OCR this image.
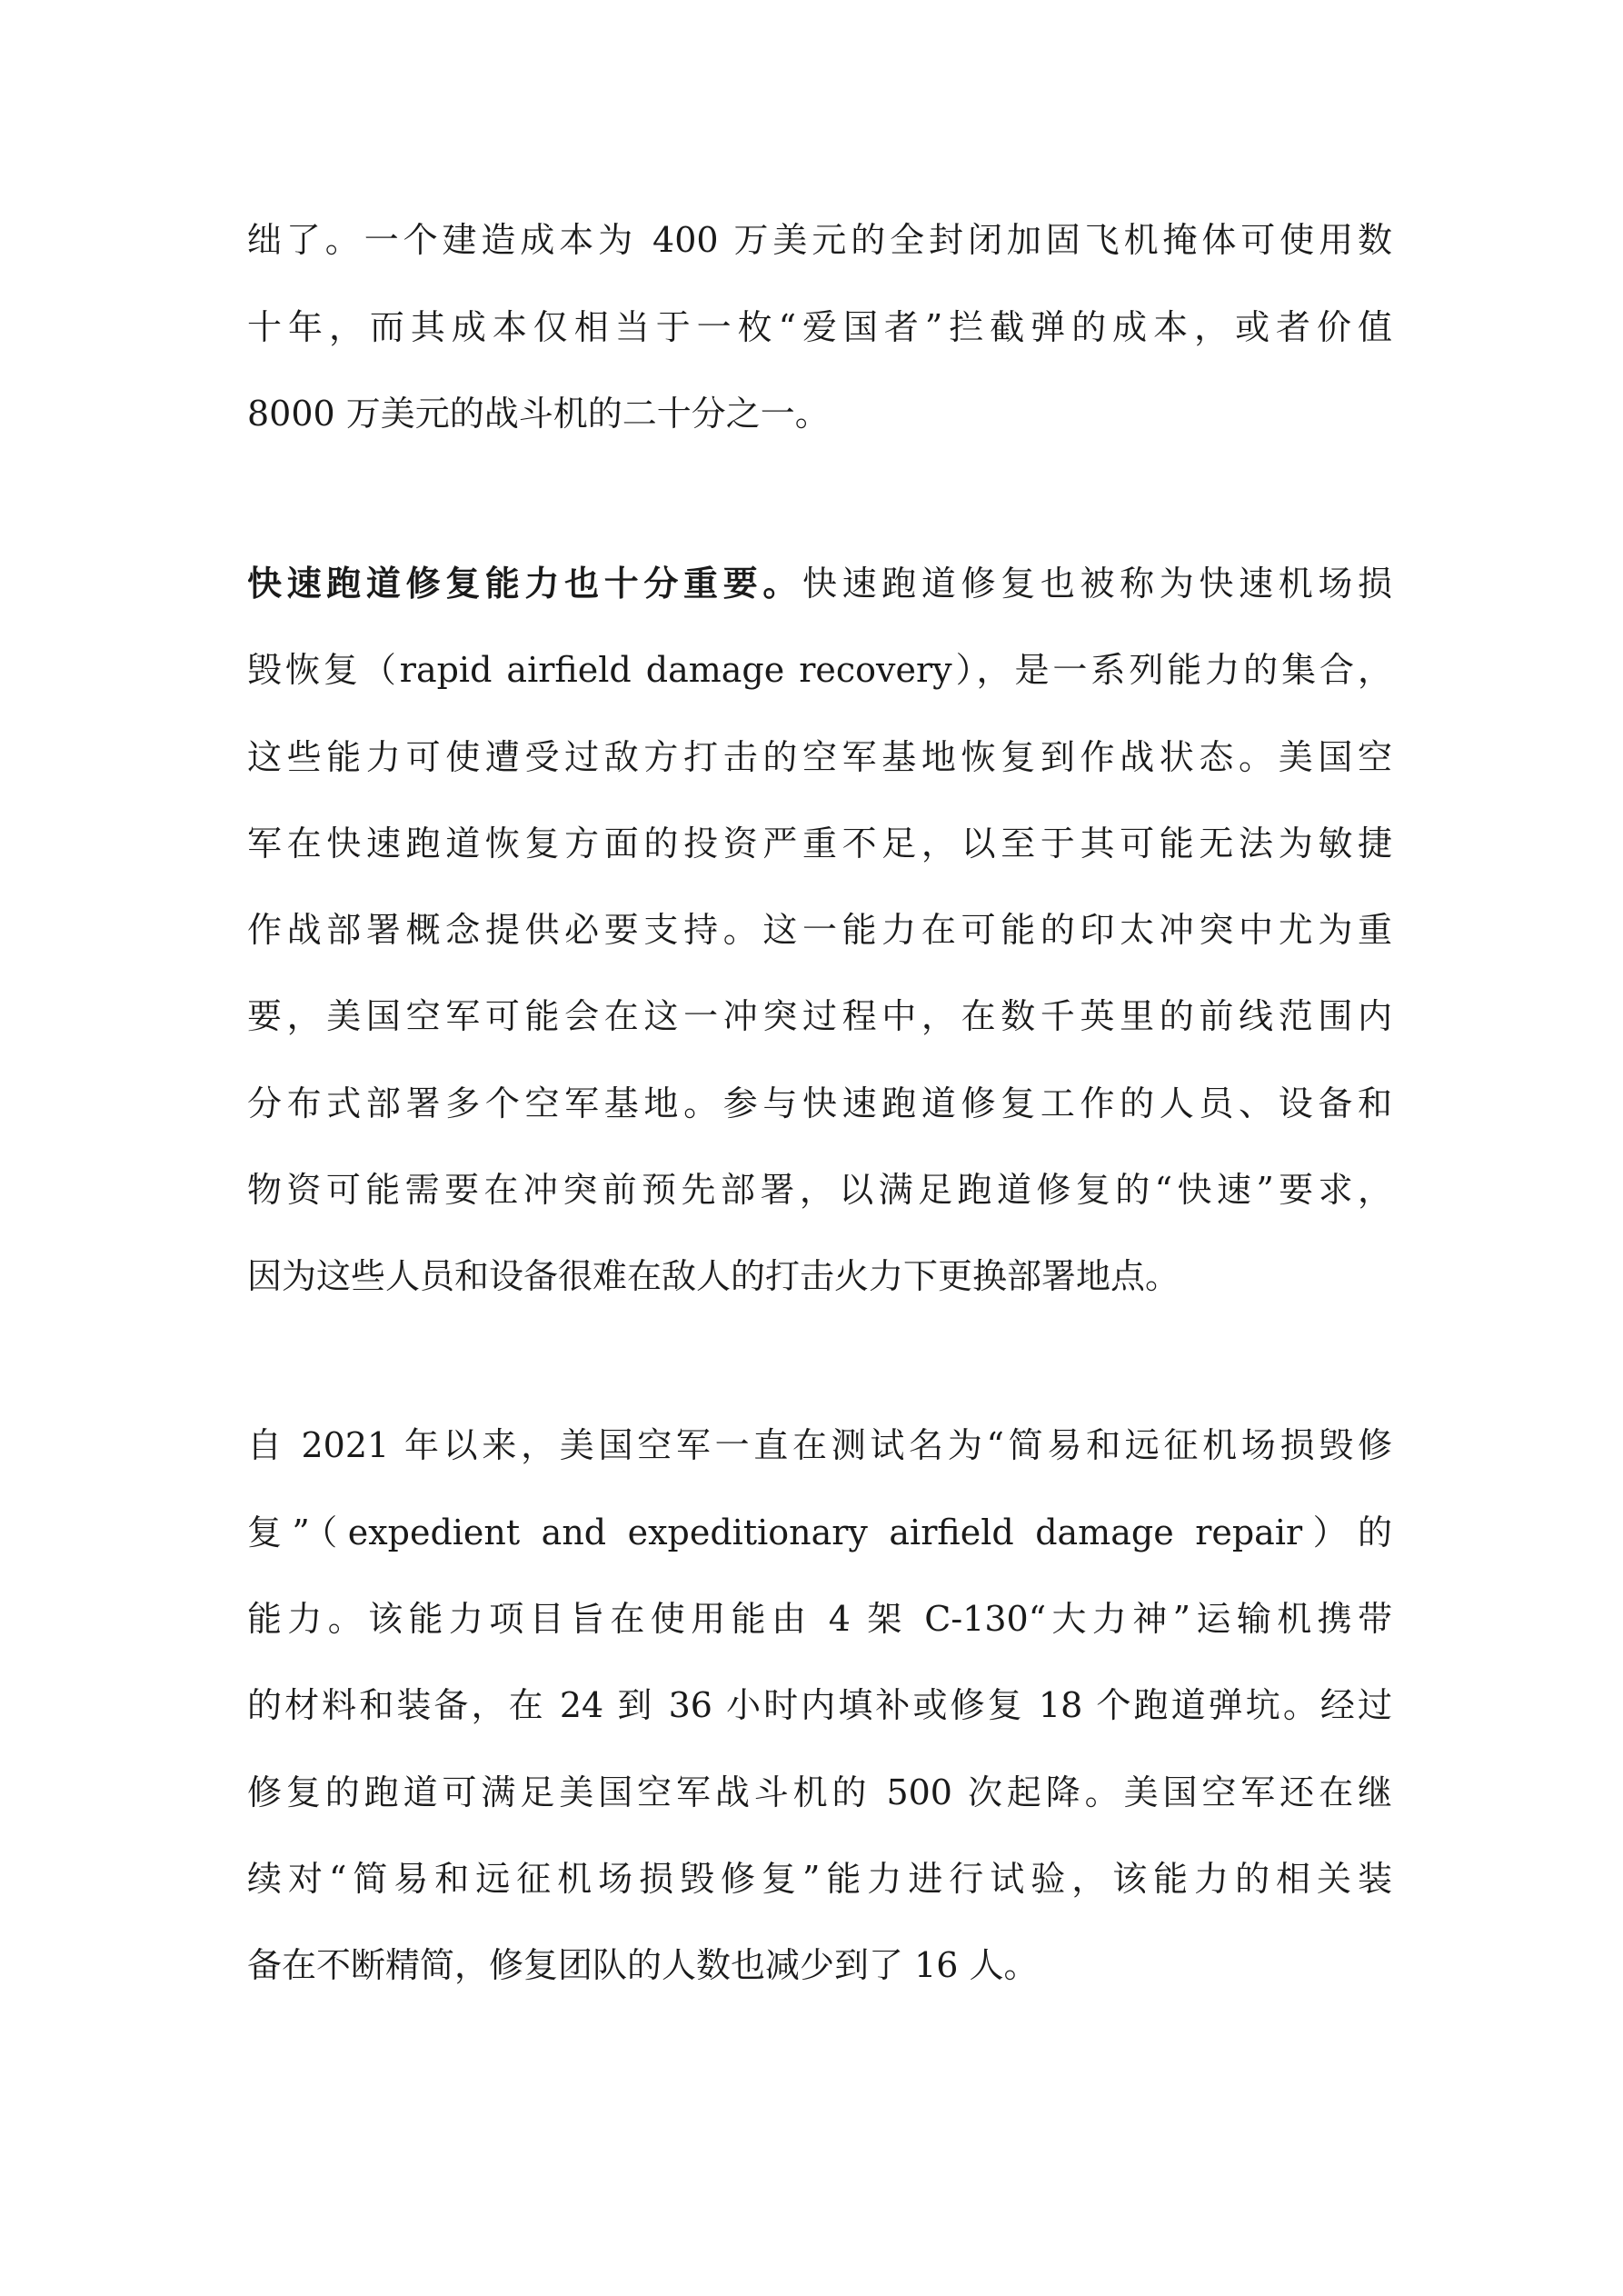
绌了。一个建造成本为 400 万美元的全封闭加固飞机掩体可使用数
十年，而其成本仅相当于一枚“爱国者”拦截弹的成本，或者价值
8000 万美元的战斗机的二十分之一。
快速跑道修复能力也十分重要。快速跑道修复也被称为快速机场损
毁恢复（rapid airfield damage recovery），是一系列能力的集合，
这些能力可使遭受过敌方打击的空军基地恢复到作战状态。美国空
军在快速跑道恢复方面的投资严重不足，以至于其可能无法为敏捷
作战部署概念提供必要支持。这一能力在可能的印太冲突中尤为重
要，美国空军可能会在这一冲突过程中，在数千英里的前线范围内
分布式部署多个空军基地。参与快速跑道修复工作的人员、设备和
物资可能需要在冲突前预先部署，以满足跑道修复的“快速”要求，
因为这些人员和设备很难在敌人的打击火力下更换部署地点。
自 2021 年以来，美国空军一直在测试名为“简易和远征机场损毁修
复”（expedient and expeditionary airfield damage repair）的
能力。该能力项目旨在使用能由 4 架 C-130“大力神”运输机携带
的材料和装备，在 24 到 36 小时内填补或修复 18 个跑道弹坑。经过
修复的跑道可满足美国空军战斗机的 500 次起降。美国空军还在继
续对“简易和远征机场损毁修复”能力进行试验，该能力的相关装
备在不断精简，修复团队的人数也减少到了 16 人。
